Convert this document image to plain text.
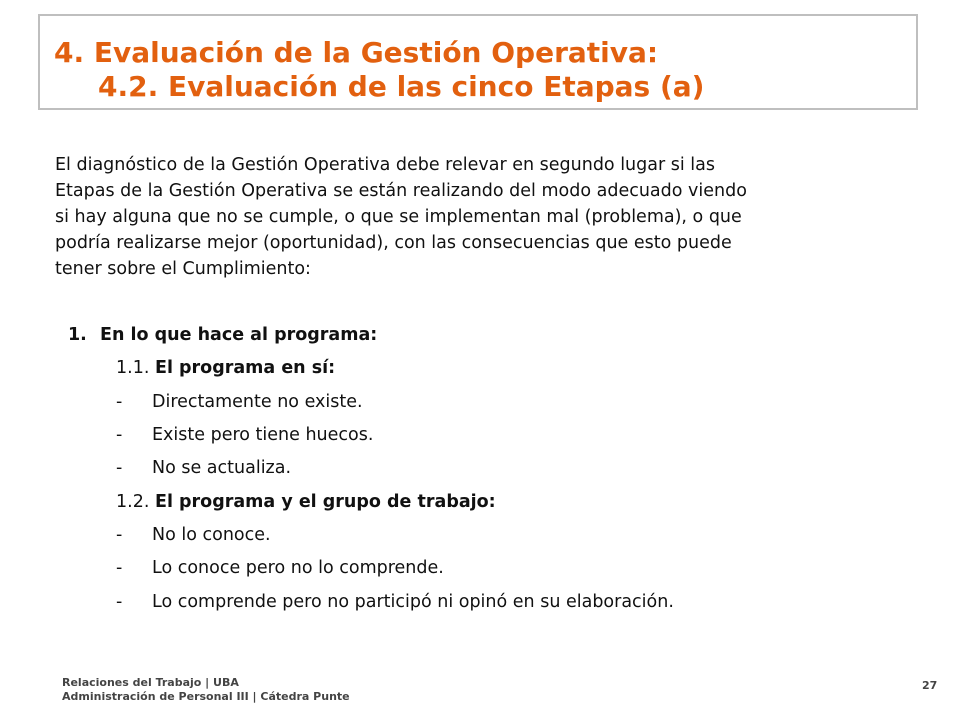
4. Evaluación de la Gestión Operativa:
4.2. Evaluación de las cinco Etapas (a)
El diagnóstico de la Gestión Operativa debe relevar en segundo lugar si las
Etapas de la Gestión Operativa se están realizando del modo adecuado viendo
si hay alguna que no se cumple, o que se implementan mal (problema), o que
podría realizarse mejor (oportunidad), con las consecuencias que esto puede
tener sobre el Cumplimiento:
1. En lo que hace al programa:
1.1. El programa en sí:
- Directamente no existe.
- Existe pero tiene huecos.
- No se actualiza.
1.2. El programa y el grupo de trabajo:
- No lo conoce.
- Lo conoce pero no lo comprende.
- Lo comprende pero no participó ni opinó en su elaboración.
Relaciones del Trabajo | UBA
Administración de Personal III | Cátedra Punte
27
